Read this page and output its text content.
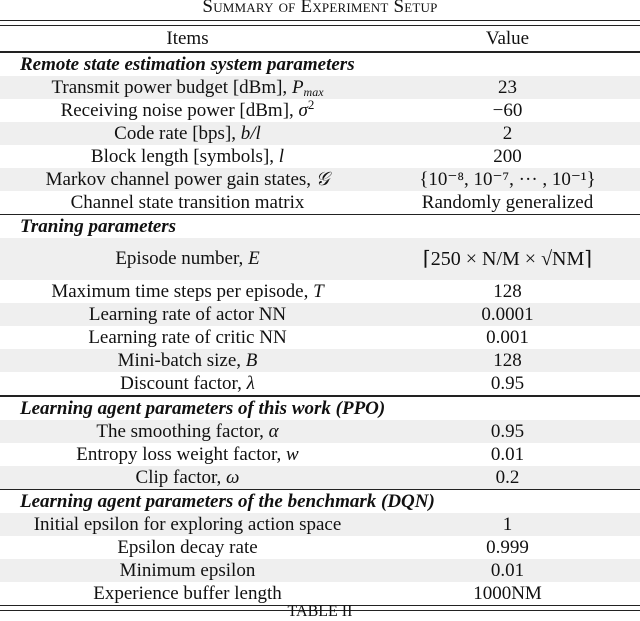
Summary of Experiment Setup
Items	Value
Remote state estimation system parameters
Transmit power budget [dBm], $P_{max}$	23
Receiving noise power [dBm], $\sigma^2$	−60
Code rate [bps], b/l	2
Block length [symbols], l	200
Markov channel power gain states, 𝒢	{10⁻⁸, 10⁻⁷, ··· , 10⁻¹}
Channel state transition matrix	Randomly generalized
Traning parameters
Episode number, E	⌈250 × N/M × √NM⌉
Maximum time steps per episode, T	128
Learning rate of actor NN	0.0001
Learning rate of critic NN	0.001
Mini-batch size, B	128
Discount factor, λ	0.95
Learning agent parameters of this work (PPO)
The smoothing factor, α	0.95
Entropy loss weight factor, w	0.01
Clip factor, ω	0.2
Learning agent parameters of the benchmark (DQN)
Initial epsilon for exploring action space	1
Epsilon decay rate	0.999
Minimum epsilon	0.01
Experience buffer length	1000NM
TABLE II
